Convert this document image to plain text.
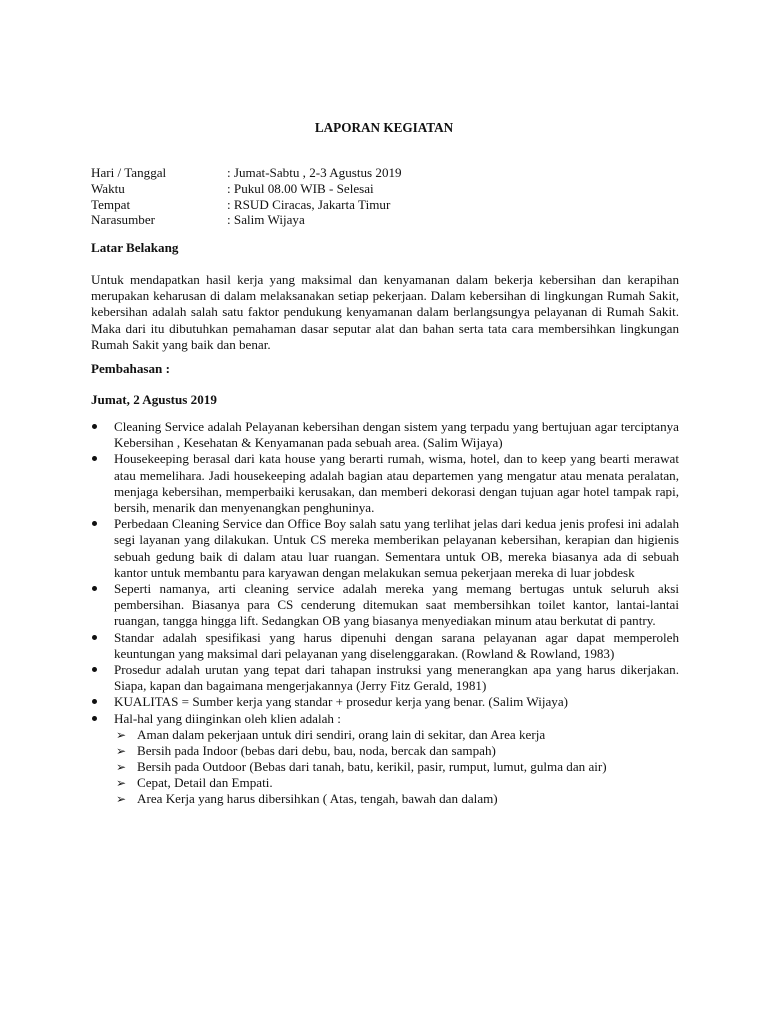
LAPORAN KEGIATAN
Hari / Tanggal	: Jumat-Sabtu , 2-3 Agustus 2019
Waktu	: Pukul 08.00 WIB - Selesai
Tempat	: RSUD Ciracas, Jakarta Timur
Narasumber	: Salim Wijaya
Latar Belakang
Untuk mendapatkan hasil kerja yang maksimal dan kenyamanan dalam bekerja kebersihan dan kerapihan merupakan keharusan di dalam melaksanakan setiap pekerjaan. Dalam kebersihan di lingkungan Rumah Sakit, kebersihan adalah salah satu faktor pendukung kenyamanan dalam berlangsungya pelayanan di Rumah Sakit. Maka dari itu dibutuhkan pemahaman dasar seputar alat dan bahan serta tata cara membersihkan lingkungan Rumah Sakit yang baik dan benar.
Pembahasan :
Jumat, 2 Agustus 2019
Cleaning Service adalah Pelayanan kebersihan dengan sistem yang terpadu yang bertujuan agar terciptanya Kebersihan , Kesehatan & Kenyamanan pada sebuah area. (Salim Wijaya)
Housekeeping berasal dari kata house yang berarti rumah, wisma, hotel, dan to keep yang bearti merawat atau memelihara. Jadi housekeeping adalah bagian atau departemen yang mengatur atau menata peralatan, menjaga kebersihan, memperbaiki kerusakan, dan memberi dekorasi dengan tujuan agar hotel tampak rapi, bersih, menarik dan menyenangkan penghuninya.
Perbedaan Cleaning Service dan Office Boy salah satu yang terlihat jelas dari kedua jenis profesi ini adalah segi layanan yang dilakukan. Untuk CS mereka memberikan pelayanan kebersihan, kerapian dan higienis sebuah gedung baik di dalam atau luar ruangan. Sementara untuk OB, mereka biasanya ada di sebuah kantor untuk membantu para karyawan dengan melakukan semua pekerjaan mereka di luar jobdesk
Seperti namanya, arti cleaning service adalah mereka yang memang bertugas untuk seluruh aksi pembersihan. Biasanya para CS cenderung ditemukan saat membersihkan toilet kantor, lantai-lantai ruangan, tangga hingga lift. Sedangkan OB yang biasanya menyediakan minum atau berkutat di pantry.
Standar adalah spesifikasi yang harus dipenuhi dengan sarana pelayanan agar dapat memperoleh keuntungan yang maksimal dari pelayanan yang diselenggarakan. (Rowland & Rowland, 1983)
Prosedur adalah urutan yang tepat dari tahapan instruksi yang menerangkan apa yang harus dikerjakan. Siapa, kapan dan bagaimana mengerjakannya (Jerry Fitz Gerald, 1981)
KUALITAS = Sumber kerja yang standar + prosedur kerja yang benar. (Salim Wijaya)
Hal-hal yang diinginkan oleh klien adalah :
➢ Aman dalam pekerjaan untuk diri sendiri, orang lain di sekitar, dan Area kerja
➢ Bersih pada Indoor (bebas dari debu, bau, noda, bercak dan sampah)
➢ Bersih pada Outdoor (Bebas dari tanah, batu, kerikil, pasir, rumput, lumut, gulma dan air)
➢ Cepat, Detail dan Empati.
➢ Area Kerja yang harus dibersihkan ( Atas, tengah, bawah dan dalam)
